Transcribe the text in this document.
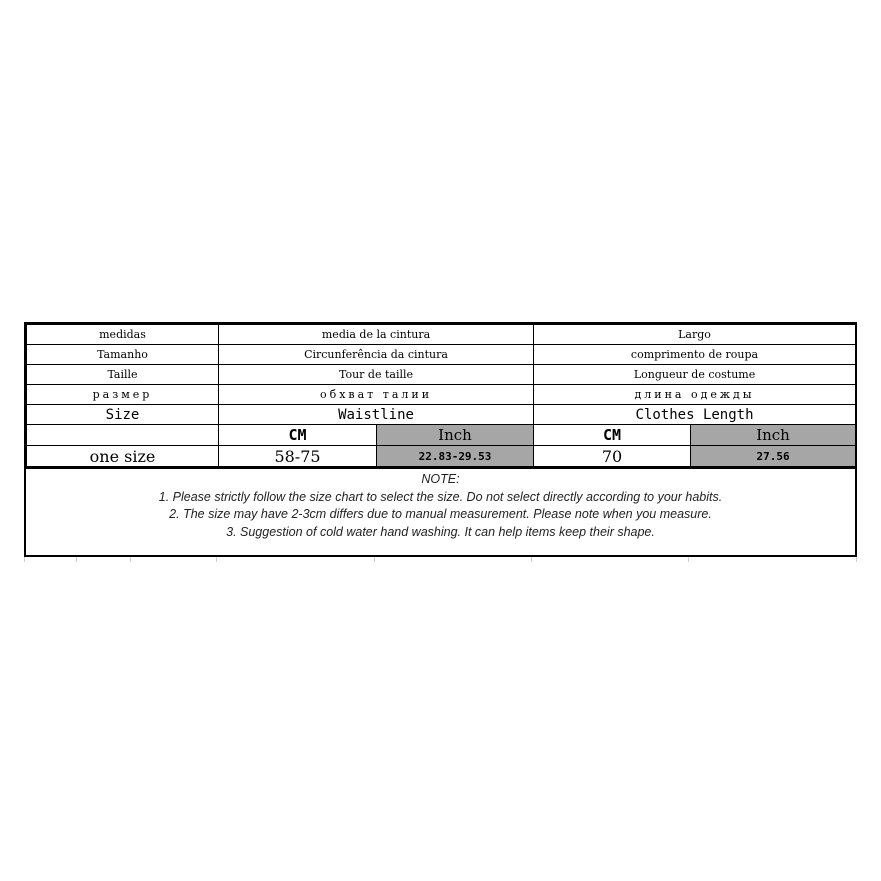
medidas	media de la cintura		Largo	
Tamanho	Circunferência da cintura		comprimento de roupa	
Taille	Tour de taille		Longueur de costume	
размер	обхват талии		длина одежды	
Size	Waistline		Clothes Length	
	CM	Inch	CM	Inch
one size	58-75	22.83-29.53	70	27.56
NOTE:
1. Please strictly follow the size chart to select the size. Do not select directly according to your habits.
2. The size may have 2-3cm differs due to manual measurement. Please note when you measure.
3. Suggestion of cold water hand washing. It can help items keep their shape.
